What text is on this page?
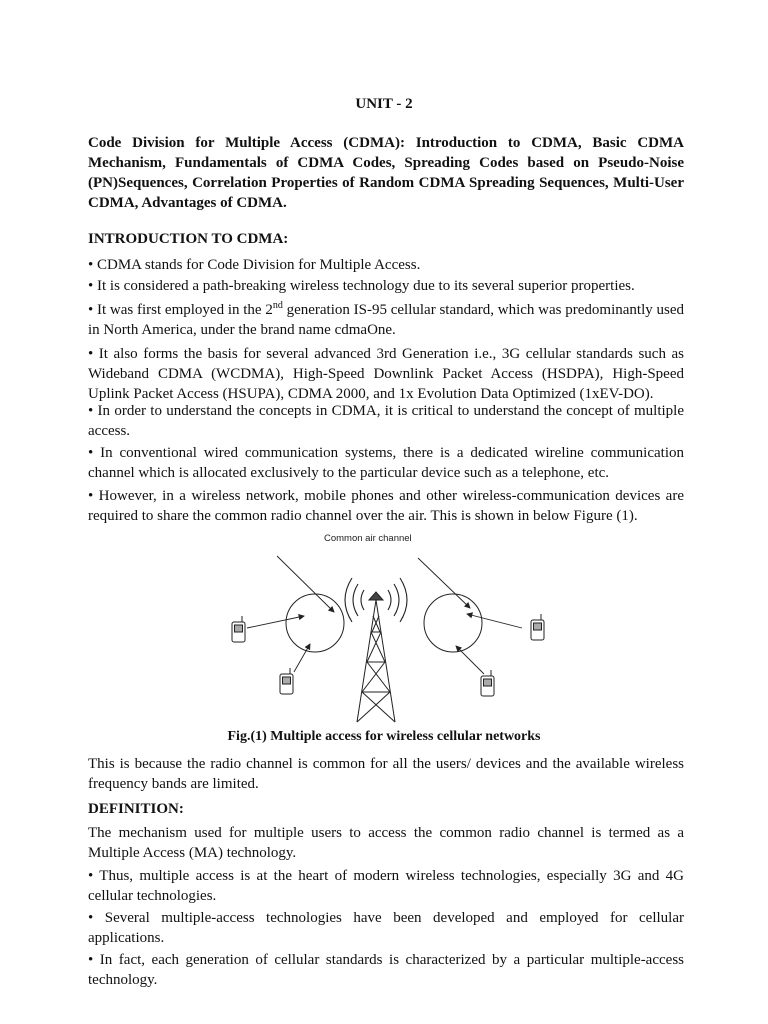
UNIT - 2
Code Division for Multiple Access (CDMA): Introduction to CDMA, Basic CDMA Mechanism, Fundamentals of CDMA Codes, Spreading Codes based on Pseudo-Noise (PN)Sequences, Correlation Properties of Random CDMA Spreading Sequences, Multi-User CDMA, Advantages of CDMA.
INTRODUCTION TO CDMA:

• CDMA stands for Code Division for Multiple Access.

• It is considered a path-breaking wireless technology due to its several superior properties.

• It was first employed in the 2nd generation IS-95 cellular standard, which was predominantly used in North America, under the brand name cdmaOne.

• It also forms the basis for several advanced 3rd Generation i.e., 3G cellular standards such as Wideband CDMA (WCDMA), High-Speed Downlink Packet Access (HSDPA), High-Speed Uplink Packet Access (HSUPA), CDMA 2000, and 1x Evolution Data Optimized (1xEV-DO).

• In order to understand the concepts in CDMA, it is critical to understand the concept of multiple access.

• In conventional wired communication systems, there is a dedicated wireline communication channel which is allocated exclusively to the particular device such as a telephone, etc.

• However, in a wireless network, mobile phones and other wireless-communication devices are required to share the common radio channel over the air. This is shown in below Figure (1).

Common air channel
Fig.(1) Multiple access for wireless cellular networks

This is because the radio channel is common for all the users/ devices and the available wireless frequency bands are limited.

DEFINITION:

The mechanism used for multiple users to access the common radio channel is termed as a Multiple Access (MA) technology.

• Thus, multiple access is at the heart of modern wireless technologies, especially 3G and 4G cellular technologies.

• Several multiple-access technologies have been developed and employed for cellular applications.

• In fact, each generation of cellular standards is characterized by a particular multiple-access technology.
